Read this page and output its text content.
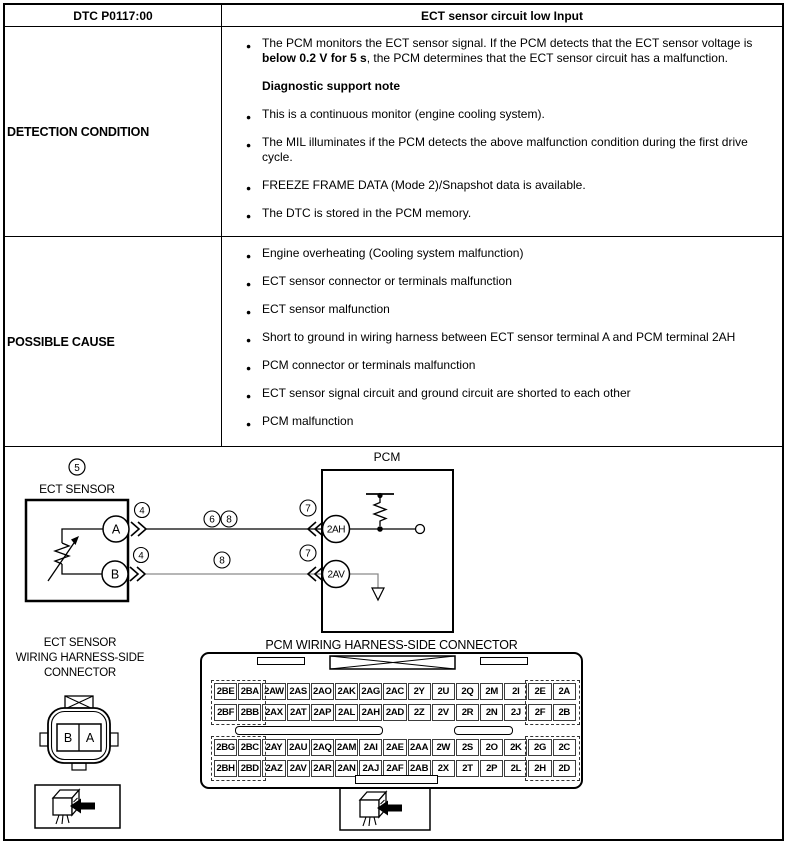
DTC P0117:00	ECT sensor circuit low Input
DETECTION CONDITION
● The PCM monitors the ECT sensor signal. If the PCM detects that the ECT sensor voltage is below 0.2 V for 5 s, the PCM determines that the ECT sensor circuit has a malfunction.
Diagnostic support note
● This is a continuous monitor (engine cooling system).
● The MIL illuminates if the PCM detects the above malfunction condition during the first drive cycle.
● FREEZE FRAME DATA (Mode 2)/Snapshot data is available.
● The DTC is stored in the PCM memory.
POSSIBLE CAUSE
● Engine overheating (Cooling system malfunction)
● ECT sensor connector or terminals malfunction
● ECT sensor malfunction
● Short to ground in wiring harness between ECT sensor terminal A and PCM terminal 2AH
● PCM connector or terminals malfunction
● ECT sensor signal circuit and ground circuit are shorted to each other
● PCM malfunction
5
ECT SENSOR
A
B
4
4
6 8
8
7
7
PCM
2AH
2AV
B A
ECT SENSOR
WIRING HARNESS-SIDE
CONNECTOR
PCM WIRING HARNESS-SIDE CONNECTOR
2BE 2BA 2AW 2AS 2AO 2AK 2AG 2AC	2Y	2U	2Q	2M	2I	2E	2A
2BF 2BB 2AX 2AT 2AP 2AL 2AH 2AD	2Z	2V	2R	2N	2J	2F	2B
2BG 2BC 2AY 2AU 2AQ 2AM 2AI 2AE 2AA 2W	2S	2O	2K	2G	2C
2BH 2BD 2AZ 2AV 2AR 2AN 2AJ 2AF 2AB	2X	2T	2P	2L	2H	2D
